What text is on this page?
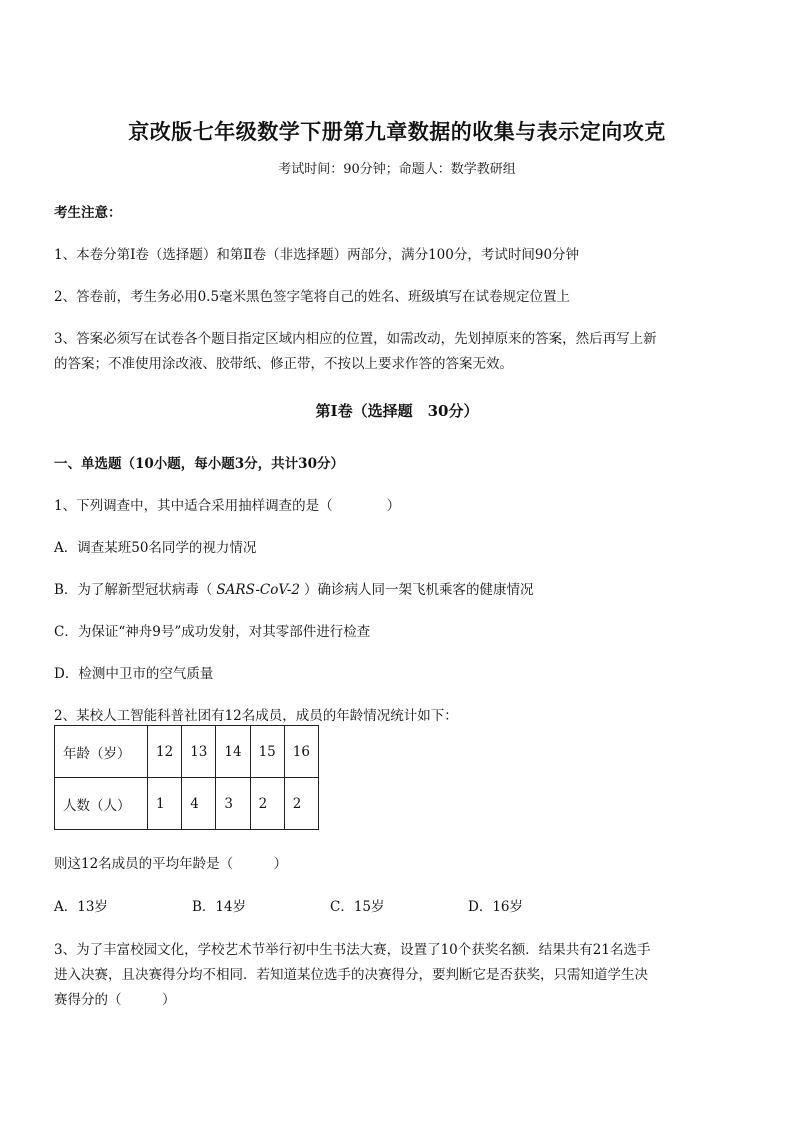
京改版七年级数学下册第九章数据的收集与表示定向攻克
考试时间：90分钟；命题人：数学教研组
考生注意：
1、本卷分第Ⅰ卷（选择题）和第Ⅱ卷（非选择题）两部分，满分100分，考试时间90分钟
2、答卷前，考生务必用0.5毫米黑色签字笔将自己的姓名、班级填写在试卷规定位置上
3、答案必须写在试卷各个题目指定区域内相应的位置，如需改动，先划掉原来的答案，然后再写上新
的答案；不准使用涂改液、胶带纸、修正带，不按以上要求作答的答案无效。
第Ⅰ卷（选择题　30分）
一、单选题（10小题，每小题3分，共计30分）
1、下列调查中，其中适合采用抽样调查的是（　　　　）
A．调查某班50名同学的视力情况
B．为了解新型冠状病毒（ SARS-CoV-2 ）确诊病人同一架飞机乘客的健康情况
C．为保证“神舟9号”成功发射，对其零部件进行检查
D．检测中卫市的空气质量
2、某校人工智能科普社团有12名成员，成员的年龄情况统计如下：
年龄（岁）	12	13	14	15	16
人数（人）	1	4	3	2	2
则这12名成员的平均年龄是（　　　）
A．13岁	B．14岁	C．15岁	D．16岁
3、为了丰富校园文化，学校艺术节举行初中生书法大赛，设置了10个获奖名额．结果共有21名选手
进入决赛，且决赛得分均不相同．若知道某位选手的决赛得分，要判断它是否获奖，只需知道学生决
赛得分的（　　　）
